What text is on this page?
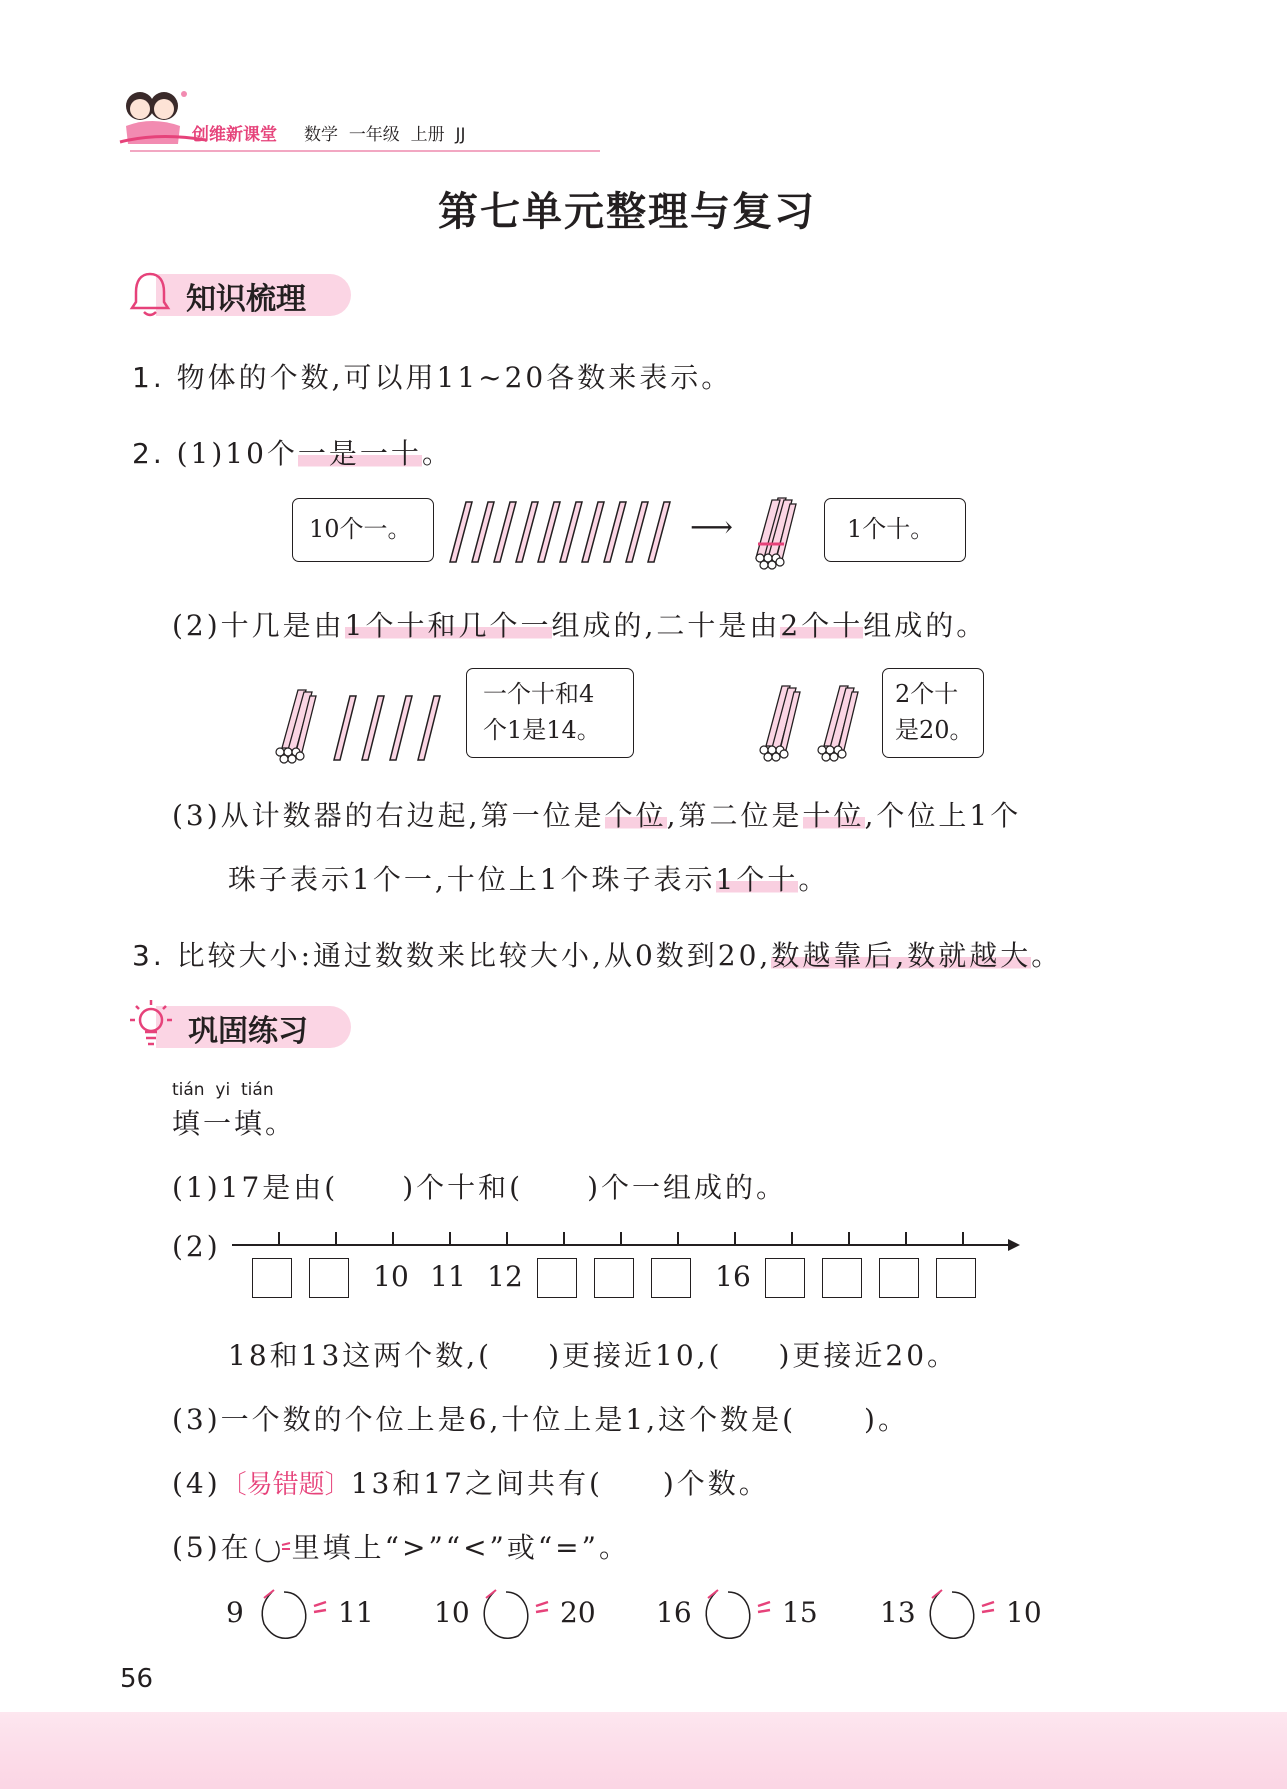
创维新课堂 数学 一年级 上册 JJ
第七单元整理与复习
知识梳理
1. 物体的个数,可以用11~20各数来表示。
2. (1)10个一是一十。
10个一。	⟶	1个十。
(2)十几是由1个十和几个一组成的,二十是由2个十组成的。
一个十和4
个1是14。
2个十
是20。
(3)从计数器的右边起,第一位是个位,第二位是十位,个位上1个
珠子表示1个一,十位上1个珠子表示1个十。
3. 比较大小:通过数数来比较大小,从0数到20,数越靠后,数就越大。
巩固练习
tián yi tián
填一填。
(1)17是由( )个十和( )个一组成的。
(2)
10 11 12	16
18和13这两个数,( )更接近10,( )更接近20。
(3)一个数的个位上是6,十位上是1,这个数是( )。
(4)〔易错题〕13和17之间共有( )个数。
(5)在 里填上“>”“<”或“=”。
9	11 10	20 16	15 13	10
56
